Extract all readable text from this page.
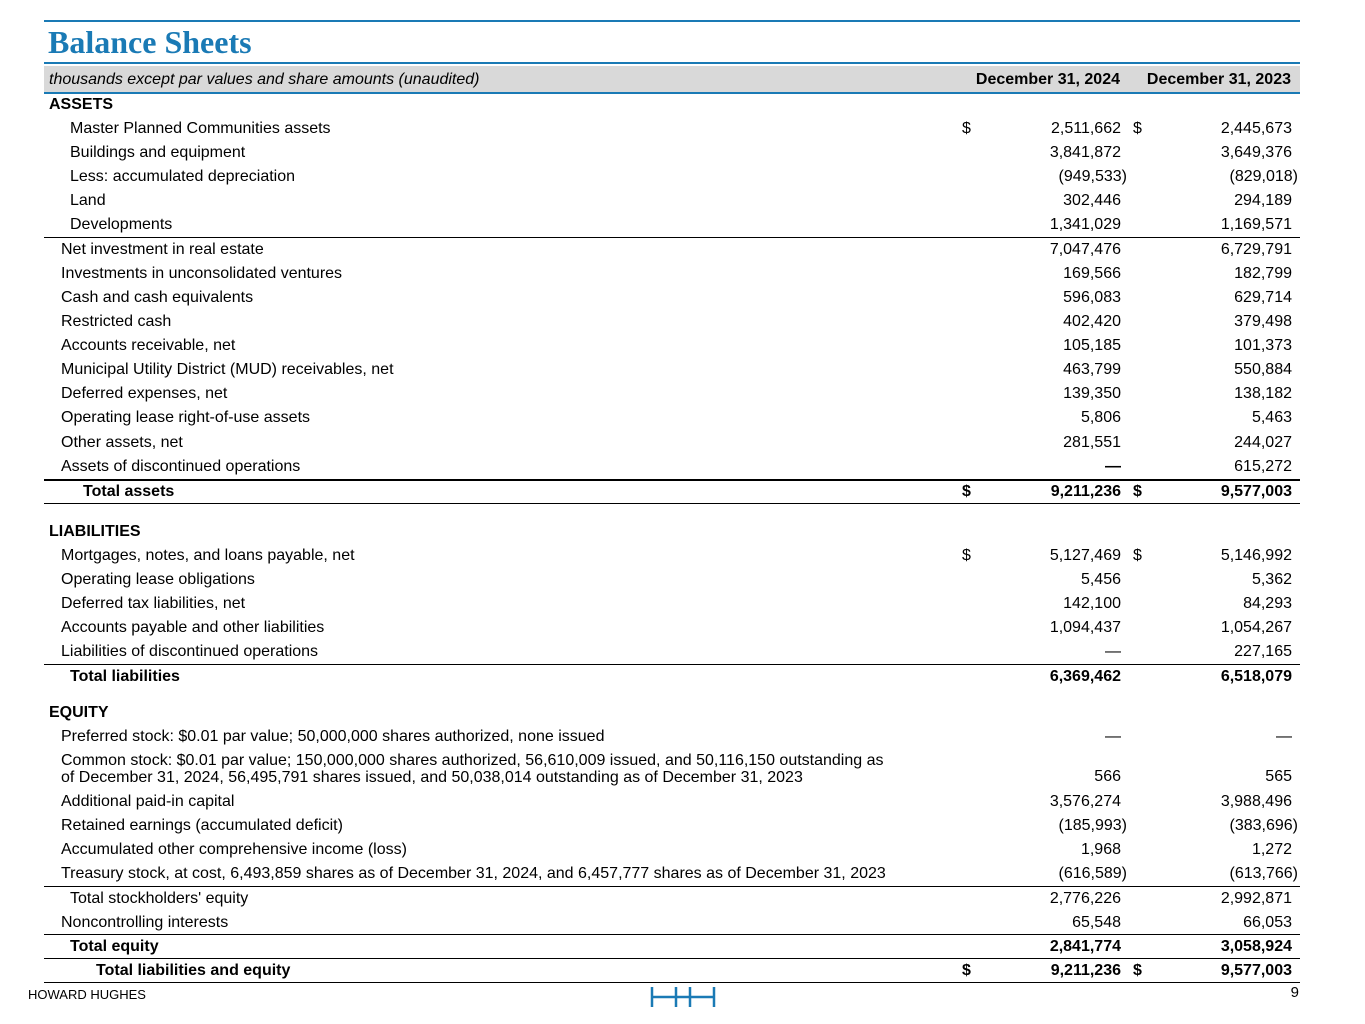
Balance Sheets
thousands except par values and share amounts (unaudited)	December 31, 2024 December 31, 2023
ASSETS
Master Planned Communities assets	$	2,511,662 $	2,445,673
Buildings and equipment	3,841,872	3,649,376
Less: accumulated depreciation	(949,533)	(829,018)
Land	302,446	294,189
Developments	1,341,029	1,169,571
Net investment in real estate	7,047,476	6,729,791
Investments in unconsolidated ventures	169,566	182,799
Cash and cash equivalents	596,083	629,714
Restricted cash	402,420	379,498
Accounts receivable, net	105,185	101,373
Municipal Utility District (MUD) receivables, net	463,799	550,884
Deferred expenses, net	139,350	138,182
Operating lease right-of-use assets	5,806	5,463
Other assets, net	281,551	244,027
Assets of discontinued operations	—	615,272
Total assets	$	9,211,236 $	9,577,003
LIABILITIES
Mortgages, notes, and loans payable, net	$	5,127,469 $	5,146,992
Operating lease obligations	5,456	5,362
Deferred tax liabilities, net	142,100	84,293
Accounts payable and other liabilities	1,094,437	1,054,267
Liabilities of discontinued operations	—	227,165
Total liabilities	6,369,462	6,518,079
EQUITY
Preferred stock: $0.01 par value; 50,000,000 shares authorized, none issued	—	—
Common stock: $0.01 par value; 150,000,000 shares authorized, 56,610,009 issued, and 50,116,150 outstanding as
of December 31, 2024, 56,495,791 shares issued, and 50,038,014 outstanding as of December 31, 2023	566	565
Additional paid-in capital	3,576,274	3,988,496
Retained earnings (accumulated deficit)	(185,993)	(383,696)
Accumulated other comprehensive income (loss)	1,968	1,272
Treasury stock, at cost, 6,493,859 shares as of December 31, 2024, and 6,457,777 shares as of December 31, 2023	(616,589)	(613,766)
Total stockholders' equity	2,776,226	2,992,871
Noncontrolling interests	65,548	66,053
Total equity	2,841,774	3,058,924
Total liabilities and equity	$	9,211,236 $	9,577,003
HOWARD HUGHES	9
